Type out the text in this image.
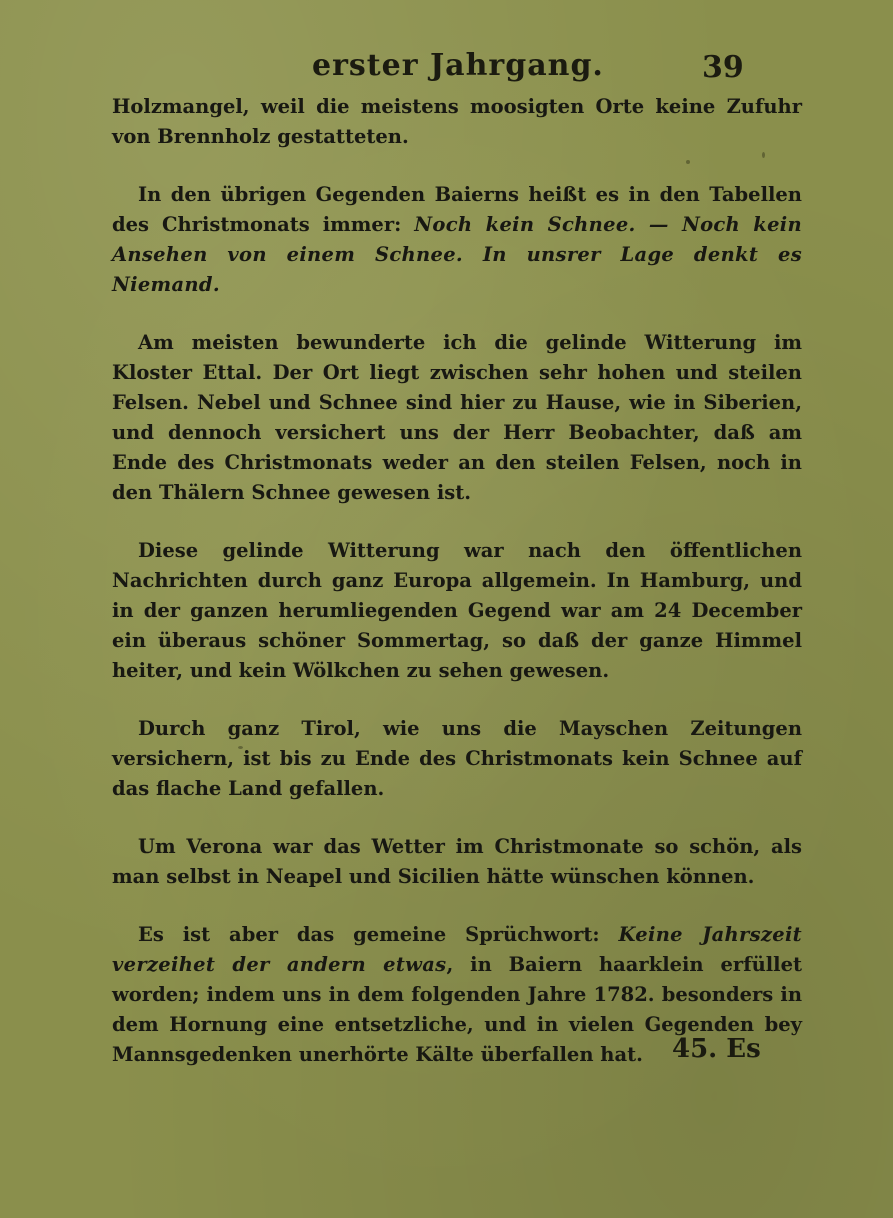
erster Jahrgang.	39

Holzmangel, weil die meistens moosigten Orte keine Zufuhr von Brennholz gestatteten.

In den übrigen Gegenden Baierns heißt es in den Tabellen des Christmonats immer: Noch kein Schnee. — Noch kein Ansehen von einem Schnee. In unsrer Lage denkt es Niemand.

Am meisten bewunderte ich die gelinde Witterung im Kloster Ettal. Der Ort liegt zwischen sehr hohen und steilen Felsen. Nebel und Schnee sind hier zu Hause, wie in Siberien, und dennoch versichert uns der Herr Beobachter, daß am Ende des Christmonats weder an den steilen Felsen, noch in den Thälern Schnee gewesen ist.

Diese gelinde Witterung war nach den öffentlichen Nachrichten durch ganz Europa allgemein. In Hamburg, und in der ganzen herumliegenden Gegend war am 24 December ein überaus schöner Sommertag, so daß der ganze Himmel heiter, und kein Wölkchen zu sehen gewesen.

Durch ganz Tirol, wie uns die Mayschen Zeitungen versichern, ist bis zu Ende des Christmonats kein Schnee auf das flache Land gefallen.

Um Verona war das Wetter im Christmonate so schön, als man selbst in Neapel und Sicilien hätte wünschen können.

Es ist aber das gemeine Sprüchwort: Keine Jahrszeit verzeihet der andern etwas, in Baiern haarklein erfüllet worden; indem uns in dem folgenden Jahre 1782. besonders in dem Hornung eine entsetzliche, und in vielen Gegenden bey Mannsgedenken unerhörte Kälte überfallen hat.	45. Es
